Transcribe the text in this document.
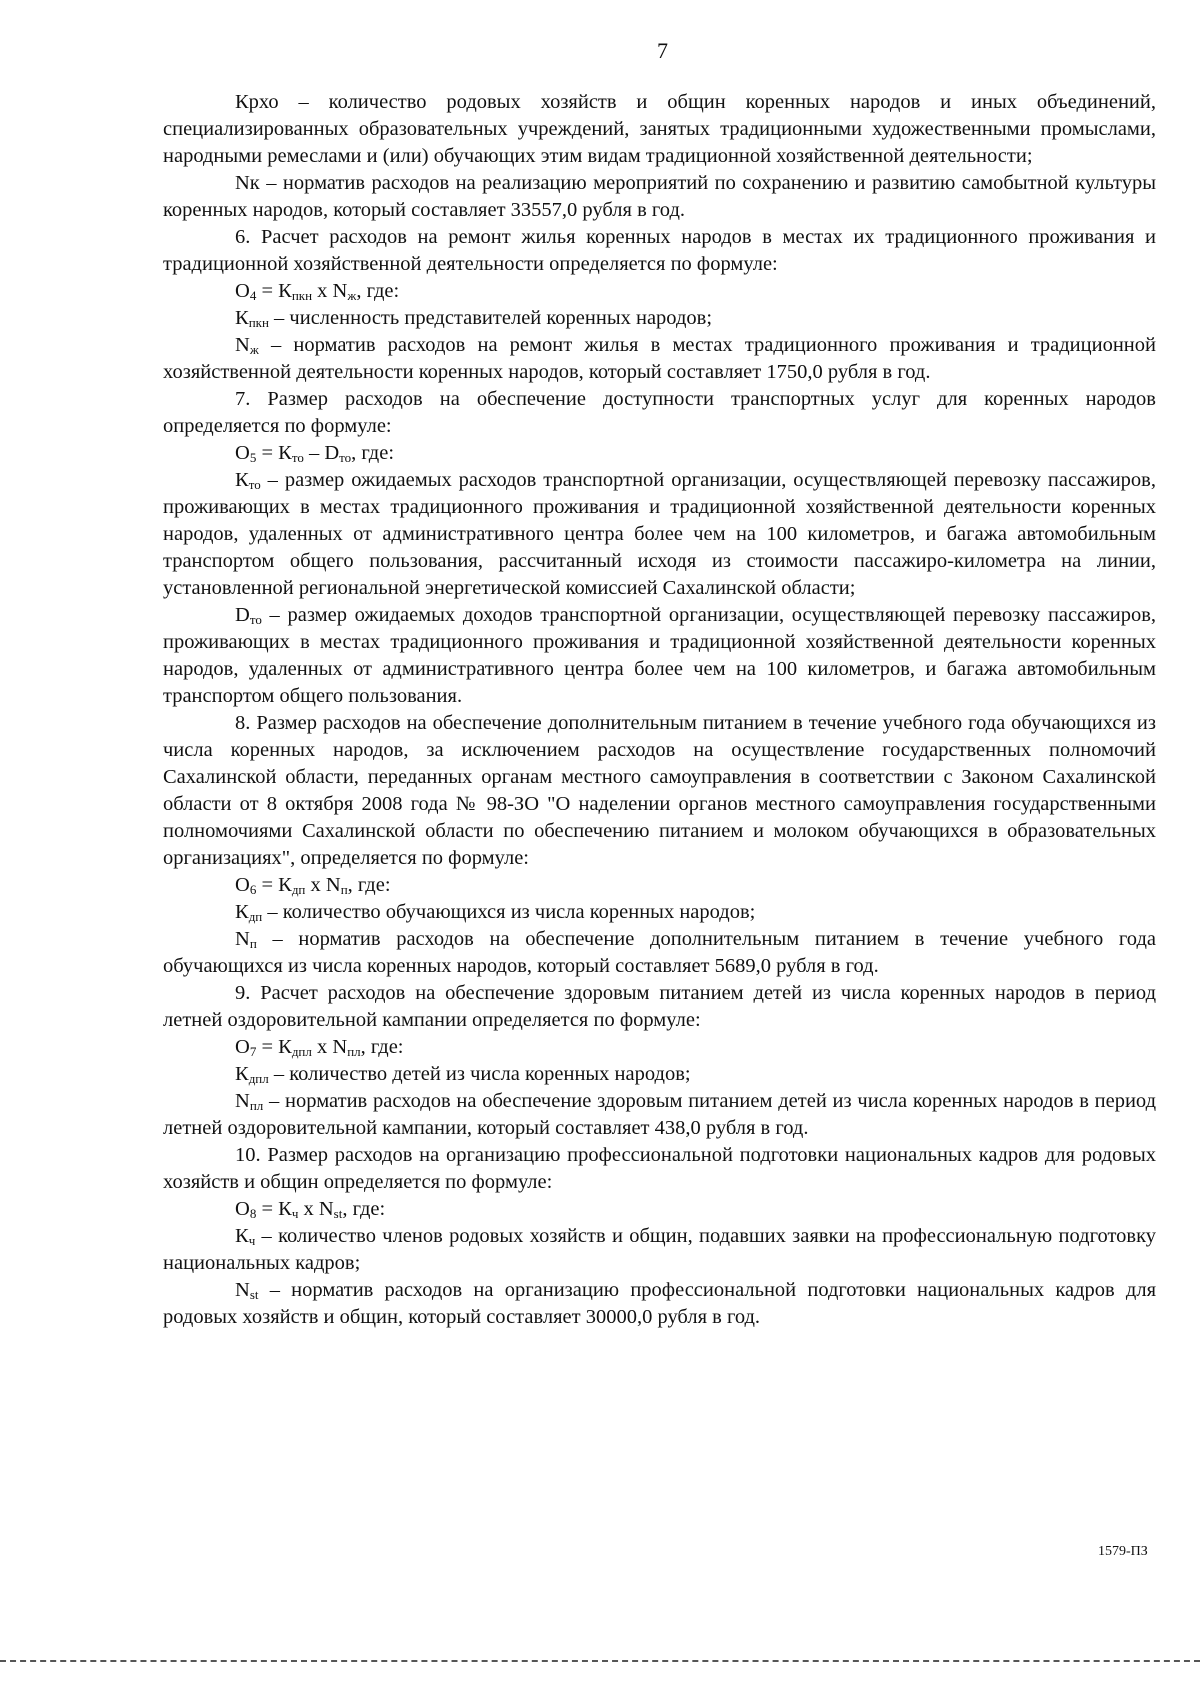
7

Крхо – количество родовых хозяйств и общин коренных народов и иных объединений, специализированных образовательных учреждений, занятых традиционными художественными промыслами, народными ремеслами и (или) обучающих этим видам традиционной хозяйственной деятельности;

Nк – норматив расходов на реализацию мероприятий по сохранению и развитию самобытной культуры коренных народов, который составляет 33557,0 рубля в год.

6. Расчет расходов на ремонт жилья коренных народов в местах их традиционного проживания и традиционной хозяйственной деятельности определяется по формуле:

$O_4 = К_{пкн}$ х $N_ж$, где:

$К_{пкн}$ – численность представителей коренных народов;

$N_ж$ – норматив расходов на ремонт жилья в местах традиционного проживания и традиционной хозяйственной деятельности коренных народов, который составляет 1750,0 рубля в год.

7. Размер расходов на обеспечение доступности транспортных услуг для коренных народов определяется по формуле:

$O_5 = К_{то} - D_{то}$, где:

$К_{то}$ – размер ожидаемых расходов транспортной организации, осуществляющей перевозку пассажиров, проживающих в местах традиционного проживания и традиционной хозяйственной деятельности коренных народов, удаленных от административного центра более чем на 100 километров, и багажа автомобильным транспортом общего пользования, рассчитанный исходя из стоимости пассажиро-километра на линии, установленной региональной энергетической комиссией Сахалинской области;

$D_{то}$ – размер ожидаемых доходов транспортной организации, осуществляющей перевозку пассажиров, проживающих в местах традиционного проживания и традиционной хозяйственной деятельности коренных народов, удаленных от административного центра более чем на 100 километров, и багажа автомобильным транспортом общего пользования.

8. Размер расходов на обеспечение дополнительным питанием в течение учебного года обучающихся из числа коренных народов, за исключением расходов на осуществление государственных полномочий Сахалинской области, переданных органам местного самоуправления в соответствии с Законом Сахалинской области от 8 октября 2008 года № 98-ЗО "О наделении органов местного самоуправления государственными полномочиями Сахалинской области по обеспечению питанием и молоком обучающихся в образовательных организациях", определяется по формуле:

$O_6 = К_{дп}$ х $N_п$, где:

$К_{дп}$ – количество обучающихся из числа коренных народов;

$N_п$ – норматив расходов на обеспечение дополнительным питанием в течение учебного года обучающихся из числа коренных народов, который составляет 5689,0 рубля в год.

9. Расчет расходов на обеспечение здоровым питанием детей из числа коренных народов в период летней оздоровительной кампании определяется по формуле:

$O_7 = К_{дпл}$ х $N_{пл}$, где:

$К_{дпл}$ – количество детей из числа коренных народов;

$N_{пл}$ – норматив расходов на обеспечение здоровым питанием детей из числа коренных народов в период летней оздоровительной кампании, который составляет 438,0 рубля в год.

10. Размер расходов на организацию профессиональной подготовки национальных кадров для родовых хозяйств и общин определяется по формуле:

$O_8 = К_ч$ х $N_{st}$, где:

$К_ч$ – количество членов родовых хозяйств и общин, подавших заявки на профессиональную подготовку национальных кадров;

$N_{st}$ – норматив расходов на организацию профессиональной подготовки национальных кадров для родовых хозяйств и общин, который составляет 30000,0 рубля в год.

1579-ПЗ
